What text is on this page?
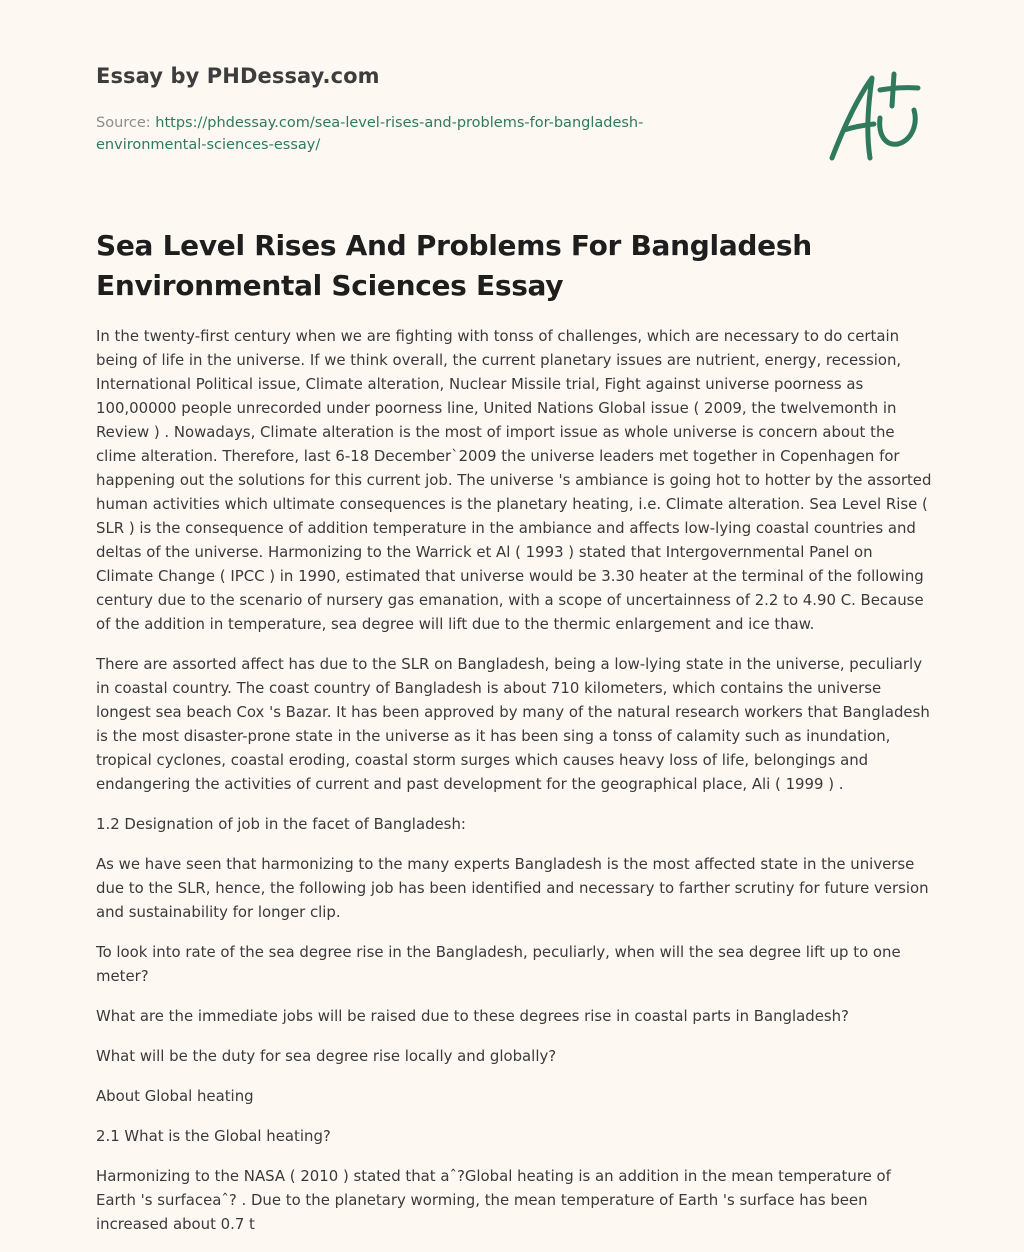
Essay by PHDessay.com
Source: https://phdessay.com/sea-level-rises-and-problems-for-bangladesh-environmental-sciences-essay/
Sea Level Rises And Problems For Bangladesh Environmental Sciences Essay

In the twenty-first century when we are fighting with tonss of challenges, which are necessary to do certain being of life in the universe. If we think overall, the current planetary issues are nutrient, energy, recession, International Political issue, Climate alteration, Nuclear Missile trial, Fight against universe poorness as 100,00000 people unrecorded under poorness line, United Nations Global issue ( 2009, the twelvemonth in Review ) . Nowadays, Climate alteration is the most of import issue as whole universe is concern about the clime alteration. Therefore, last 6-18 December`2009 the universe leaders met together in Copenhagen for happening out the solutions for this current job. The universe 's ambiance is going hot to hotter by the assorted human activities which ultimate consequences is the planetary heating, i.e. Climate alteration. Sea Level Rise ( SLR ) is the consequence of addition temperature in the ambiance and affects low-lying coastal countries and deltas of the universe. Harmonizing to the Warrick et Al ( 1993 ) stated that Intergovernmental Panel on Climate Change ( IPCC ) in 1990, estimated that universe would be 3.30 heater at the terminal of the following century due to the scenario of nursery gas emanation, with a scope of uncertainness of 2.2 to 4.90 C. Because of the addition in temperature, sea degree will lift due to the thermic enlargement and ice thaw.

There are assorted affect has due to the SLR on Bangladesh, being a low-lying state in the universe, peculiarly in coastal country. The coast country of Bangladesh is about 710 kilometers, which contains the universe longest sea beach Cox 's Bazar. It has been approved by many of the natural research workers that Bangladesh is the most disaster-prone state in the universe as it has been sing a tonss of calamity such as inundation, tropical cyclones, coastal eroding, coastal storm surges which causes heavy loss of life, belongings and endangering the activities of current and past development for the geographical place, Ali ( 1999 ) .

1.2 Designation of job in the facet of Bangladesh:

As we have seen that harmonizing to the many experts Bangladesh is the most affected state in the universe due to the SLR, hence, the following job has been identified and necessary to farther scrutiny for future version and sustainability for longer clip.

To look into rate of the sea degree rise in the Bangladesh, peculiarly, when will the sea degree lift up to one meter?

What are the immediate jobs will be raised due to these degrees rise in coastal parts in Bangladesh?

What will be the duty for sea degree rise locally and globally?

About Global heating

2.1 What is the Global heating?

Harmonizing to the NASA ( 2010 ) stated that aˆ?Global heating is an addition in the mean temperature of Earth 's surfaceaˆ? . Due to the planetary worming, the mean temperature of Earth 's surface has been increased about 0.7 t
